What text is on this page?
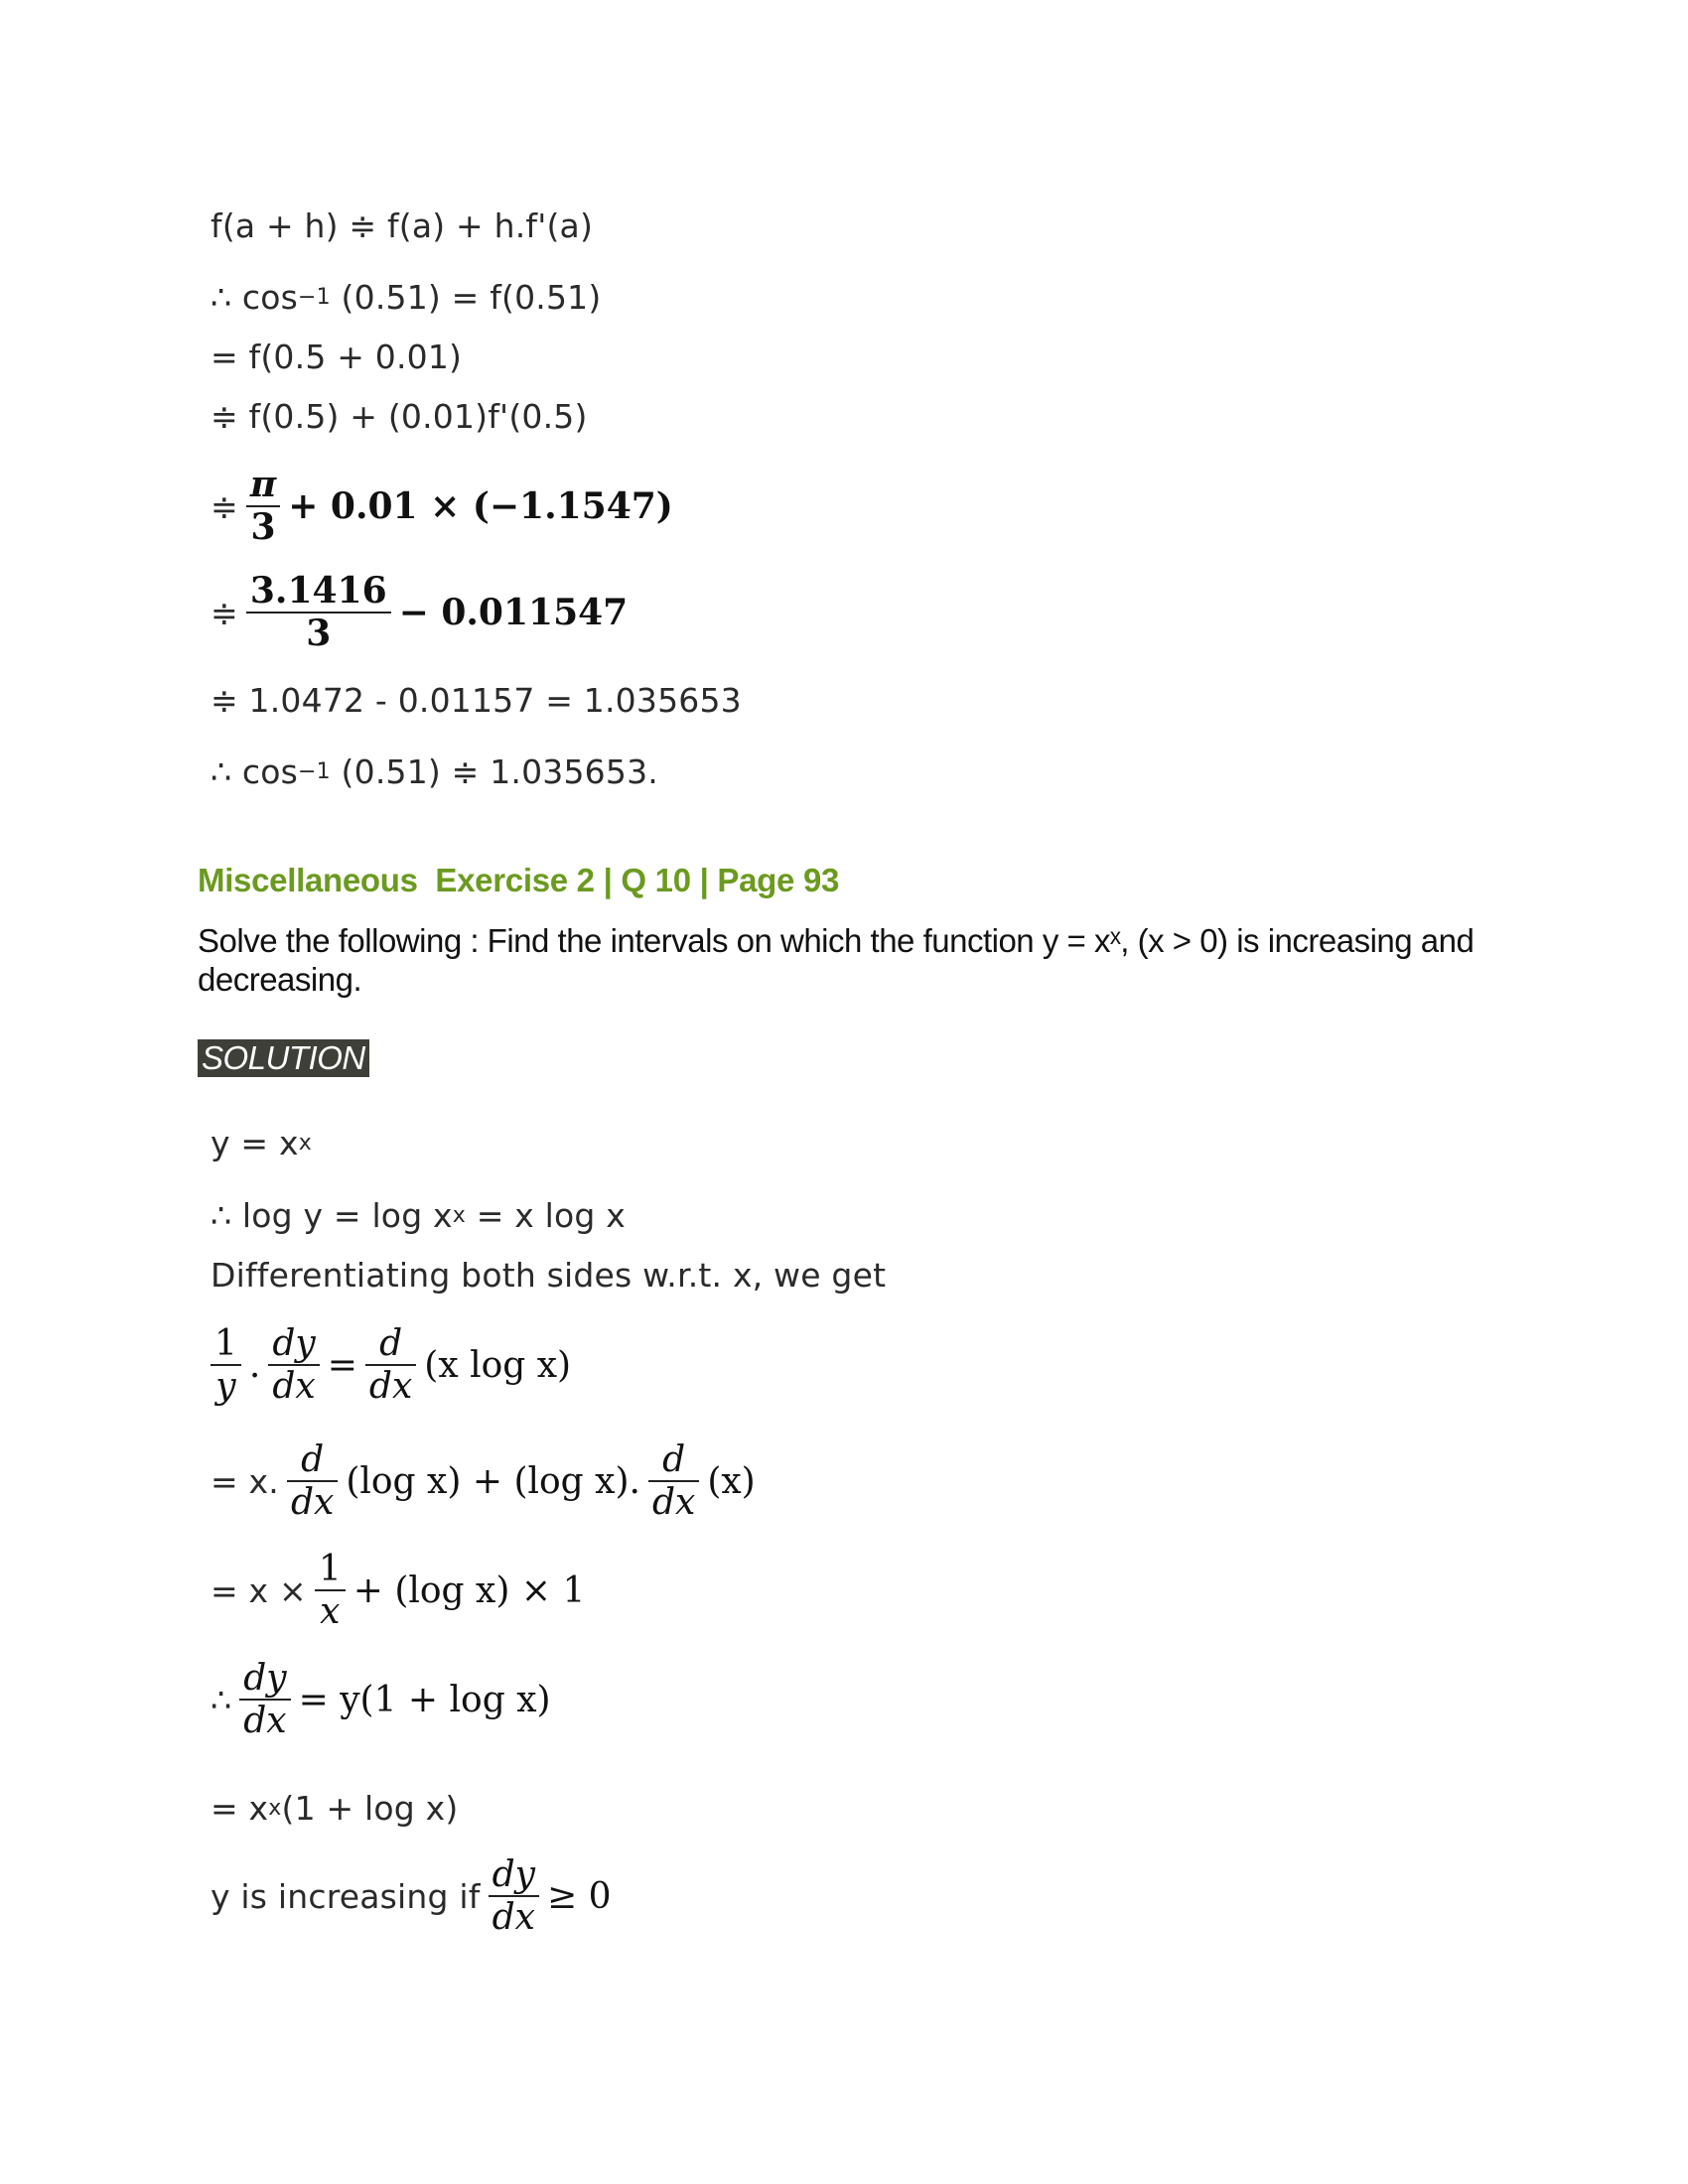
f(a + h) ≑ f(a) + h.f'(a)
∴ cos −1 (0.51) = f(0.51)
= f(0.5 + 0.01)
≑ f(0.5) + (0.01)f'(0.5)
≑ $\frac{\pi}{3} + 0.01 \times (-1.1547)$
≑ $\frac{3.1416}{3} - 0.011547$
≑ 1.0472 - 0.01157 = 1.035653
∴ cos −1 (0.51) ≑ 1.035653.
Miscellaneous  Exercise 2 | Q 10 | Page 93
Solve the following : Find the intervals on which the function y = xˣ, (x > 0) is increasing and decreasing.
SOLUTION
y = x x
∴ log y = log x x = x log x
Differentiating both sides w.r.t. x, we get
$\frac{1}{y}$ . $\frac{dy}{dx} = \frac{d}{dx} (x$ log x)
= x. $\frac{d}{dx} (\log$ x) + (log x). $\frac{d}{dx} (x)$
= $x \times \frac{1}{x} + (\log$ x) × 1
∴ $\frac{dy}{dx} = y(1 + \log x)$
= x x (1 + log x)
y is increasing if $\frac{dy}{dx} \ge 0$
